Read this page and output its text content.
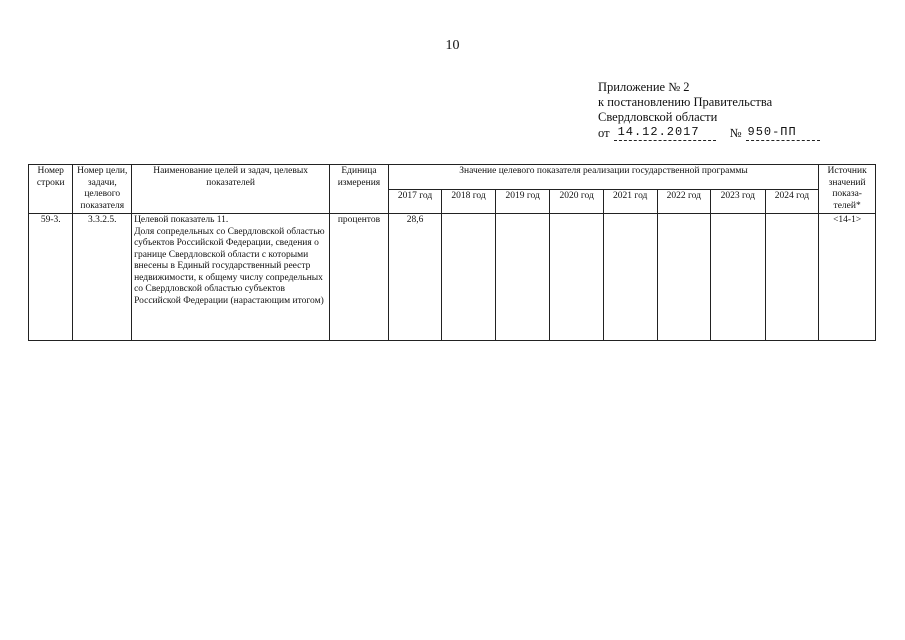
10
Приложение № 2
к постановлению Правительства
Свердловской области
от 14.12.2017	№ 950-ПП
Номер строки	Номер цели, задачи, целевого показателя	Наименование целей и задач, целевых показателей	Единица измерения	Значение целевого показателя реализации государственной программы								Источник значений показа-телей*
				2017 год	2018 год	2019 год	2020 год	2021 год	2022 год	2023 год	2024 год	
59-3.	3.3.2.5.	Целевой показатель 11.
Доля сопредельных со Свердловской областью субъектов Российской Федерации, сведения о границе Свердловской области с которыми внесены в Единый государственный реестр недвижимости, к общему числу сопредельных со Свердловской областью субъектов Российской Федерации (нарастающим итогом)	процентов	28,6								<14-1>
